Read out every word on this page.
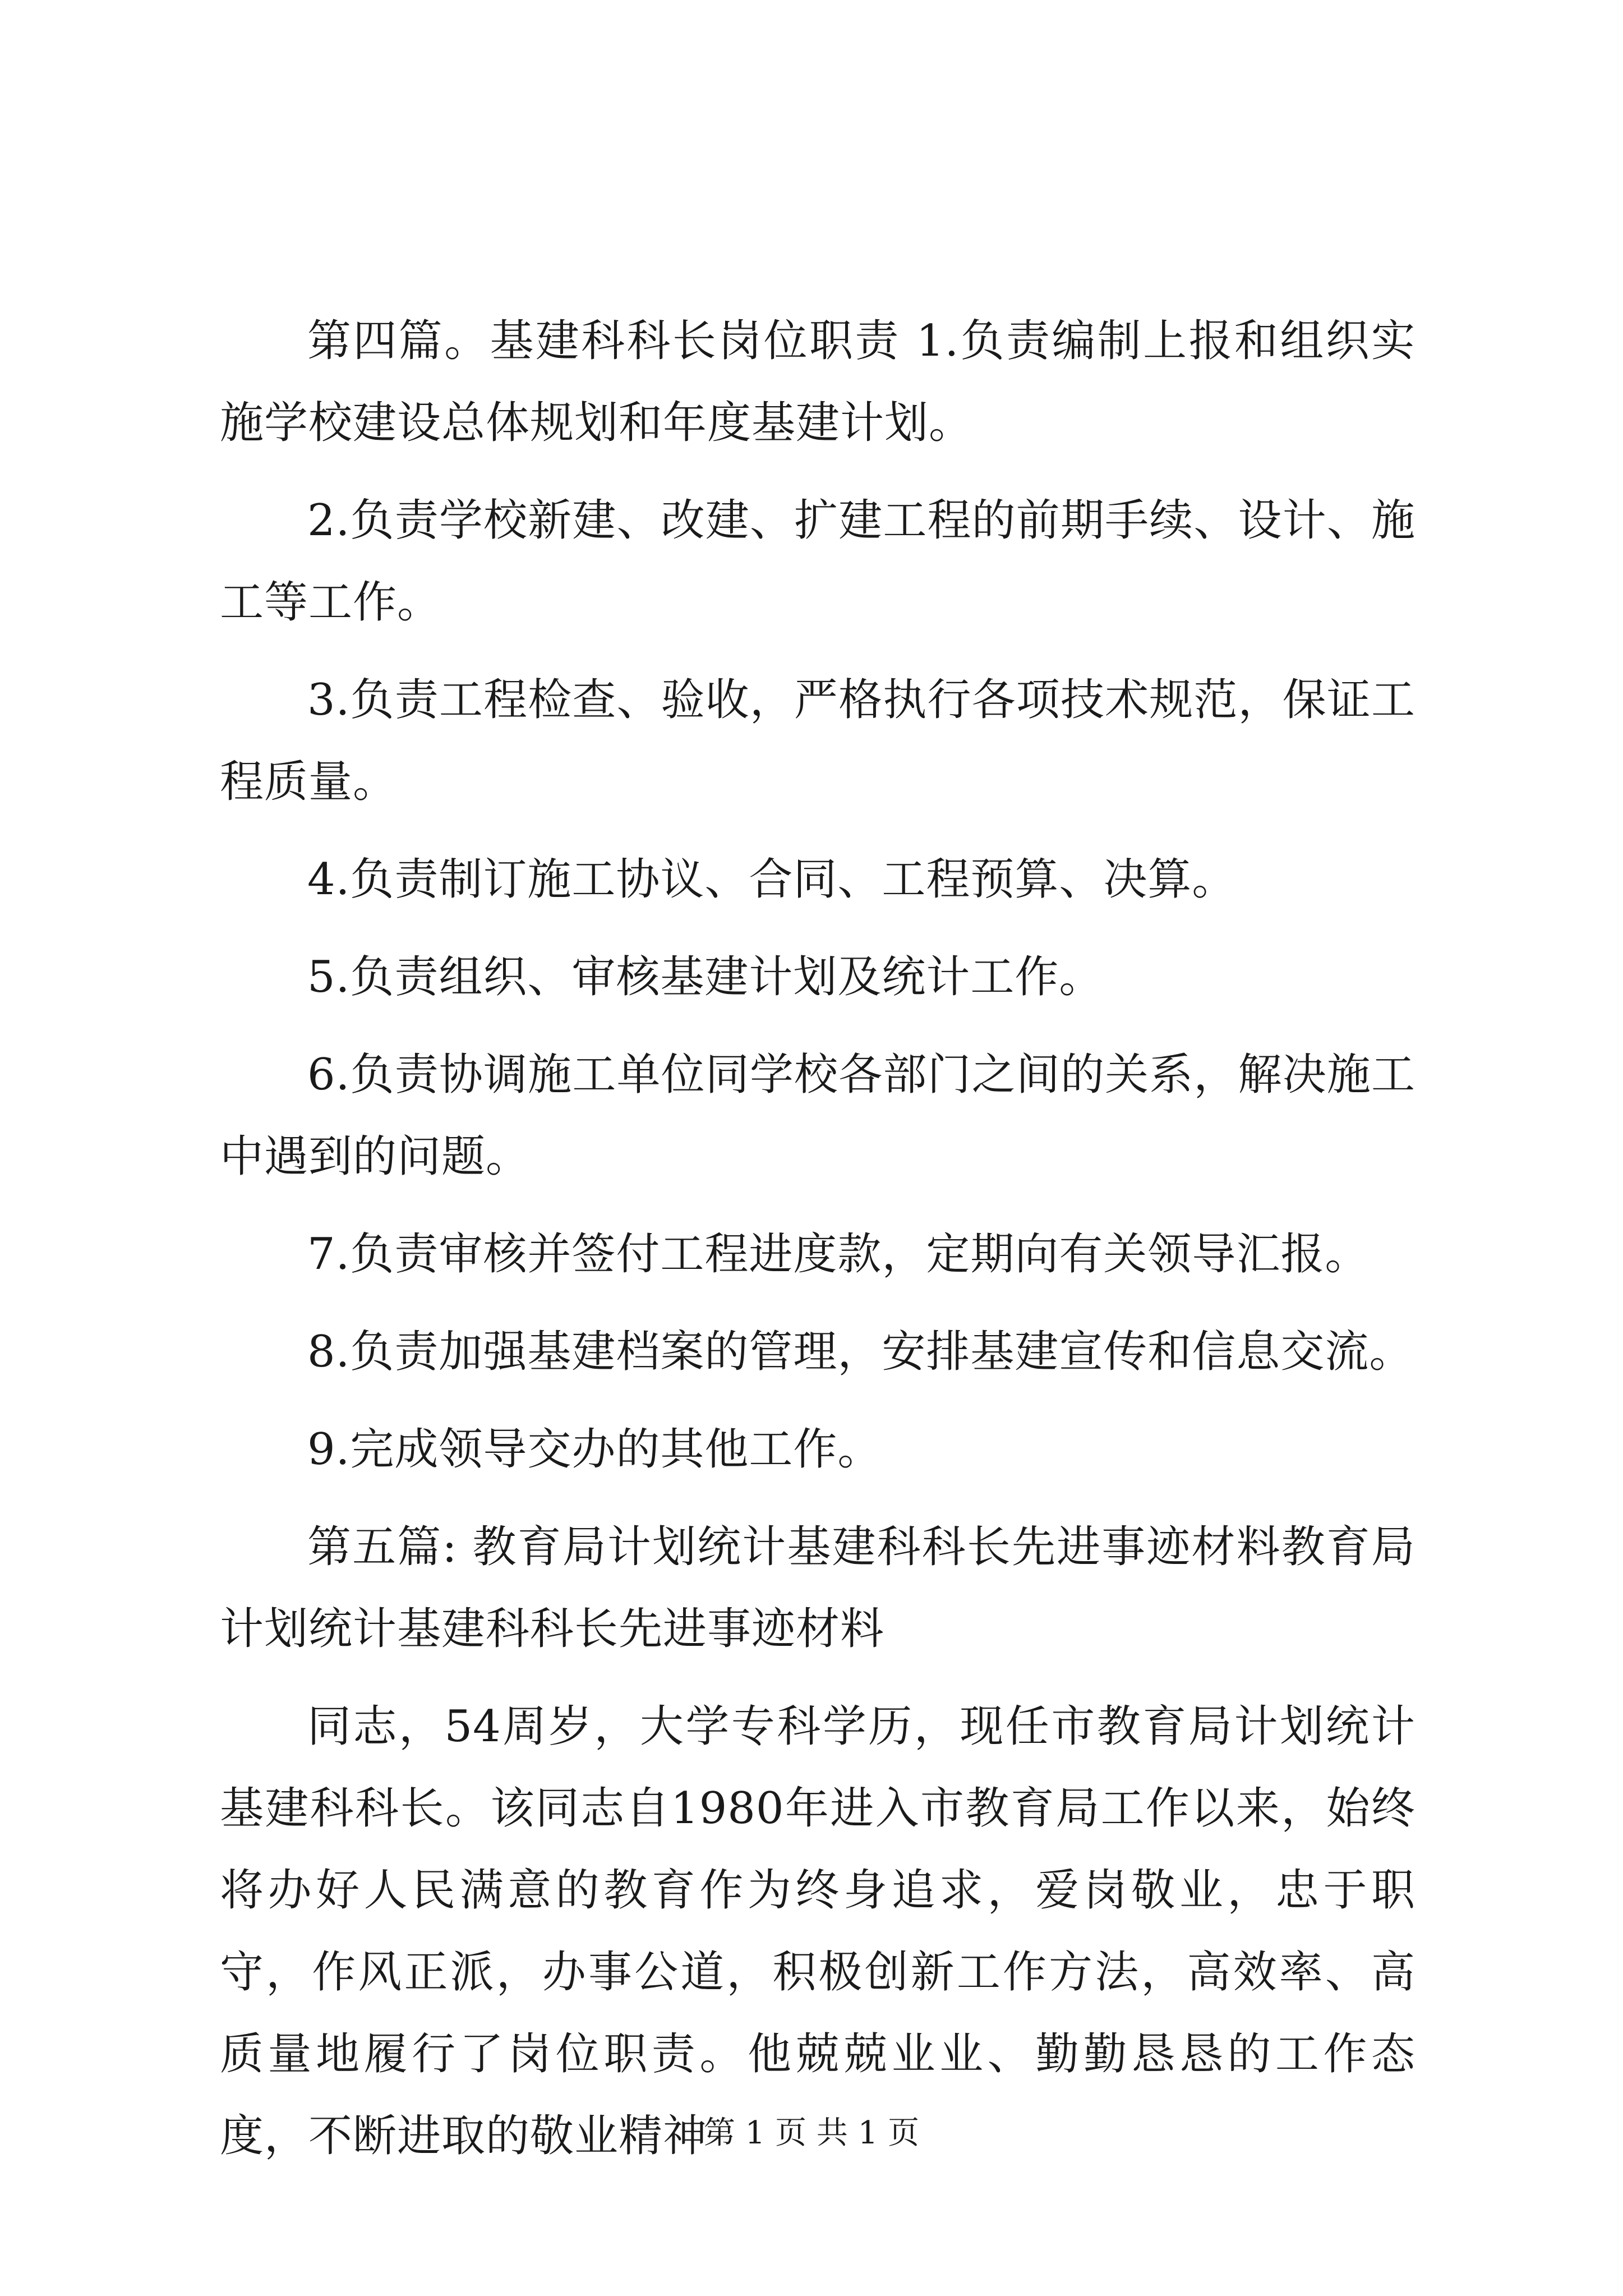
第四篇。基建科科长岗位职责 1.负责编制上报和组织实施学校建设总体规划和年度基建计划。

2.负责学校新建、改建、扩建工程的前期手续、设计、施工等工作。

3.负责工程检查、验收，严格执行各项技术规范，保证工程质量。

4.负责制订施工协议、合同、工程预算、决算。

5.负责组织、审核基建计划及统计工作。

6.负责协调施工单位同学校各部门之间的关系，解决施工中遇到的问题。

7.负责审核并签付工程进度款，定期向有关领导汇报。

8.负责加强基建档案的管理，安排基建宣传和信息交流。

9.完成领导交办的其他工作。

第五篇: 教育局计划统计基建科科长先进事迹材料教育局计划统计基建科科长先进事迹材料

同志，54周岁，大学专科学历，现任市教育局计划统计基建科科长。该同志自1980年进入市教育局工作以来，始终将办好人民满意的教育作为终身追求，爱岗敬业，忠于职守，作风正派，办事公道，积极创新工作方法，高效率、高质量地履行了岗位职责。他兢兢业业、勤勤恳恳的工作态度，不断进取的敬业精神

第 1 页 共 1 页
